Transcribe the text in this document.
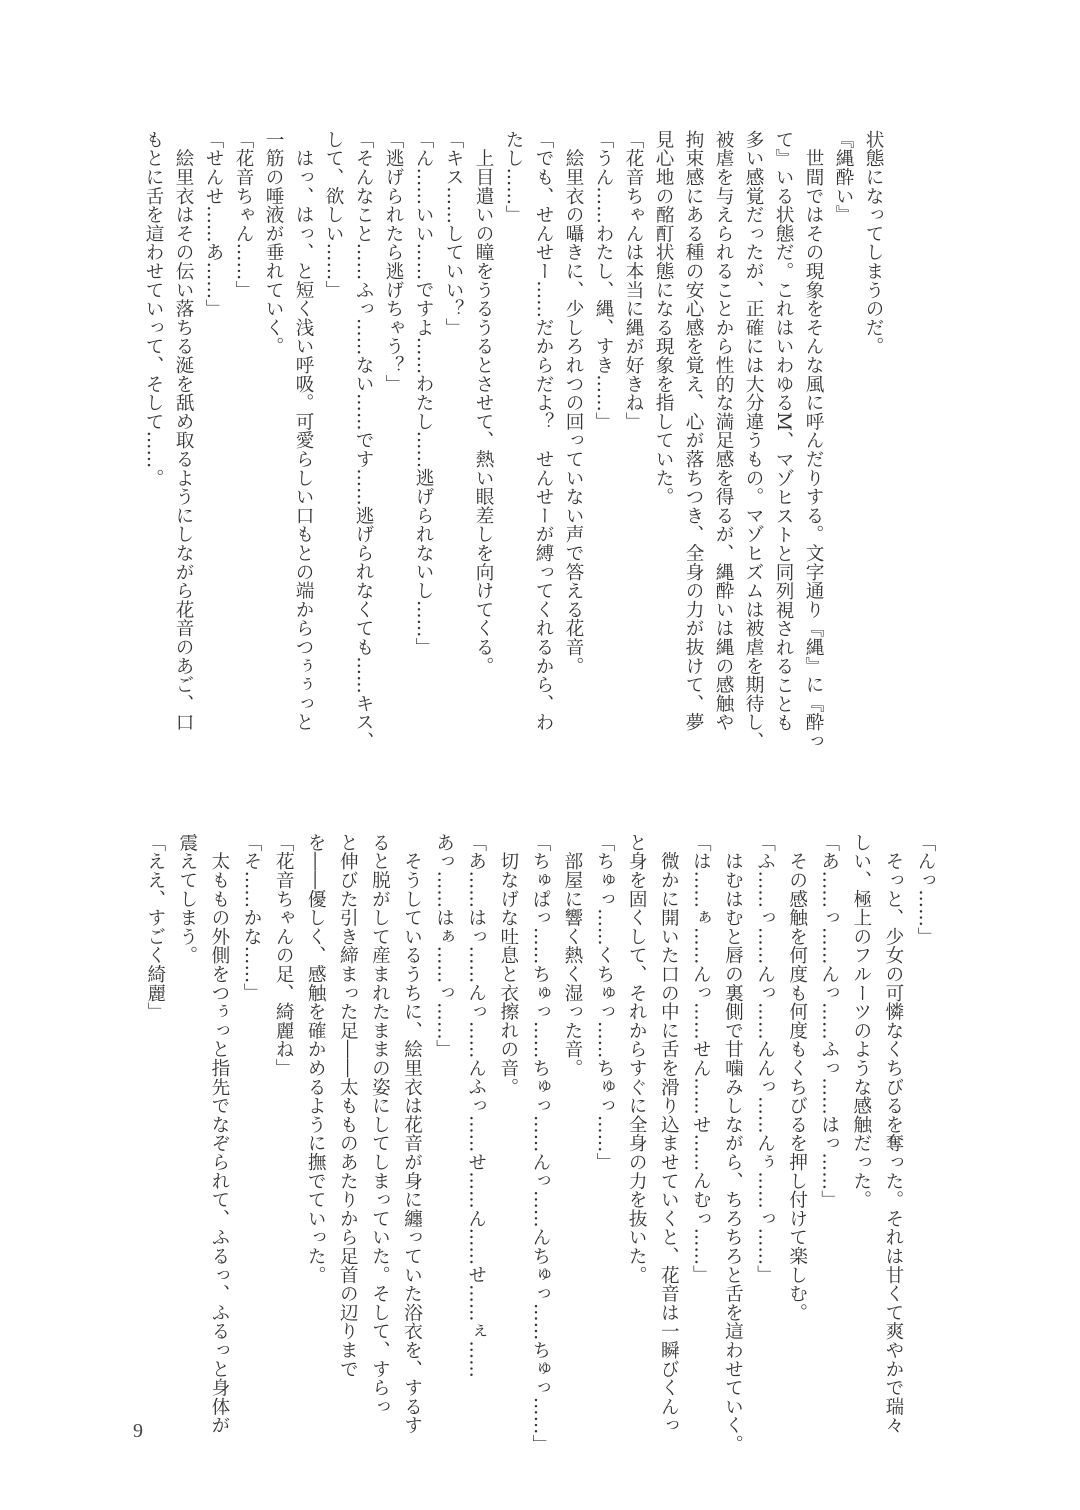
状態になってしまうのだ。
『縄酔い』
　世間ではその現象をそんな風に呼んだりする。文字通り『縄』に『酔っ
て』いる状態だ。これはいわゆるM、マゾヒストと同列視されることも
多い感覚だったが、正確には大分違うもの。マゾヒズムは被虐を期待し、
被虐を与えられることから性的な満足感を得るが、縄酔いは縄の感触や
拘束感にある種の安心感を覚え、心が落ちつき、全身の力が抜けて、夢
見心地の酩酊状態になる現象を指していた。
「花音ちゃんは本当に縄が好きね」
「うん……わたし、縄、すき……」
　絵里衣の囁きに、少しろれつの回っていない声で答える花音。
「でも、せんせー……だからだよ？　せんせーが縛ってくれるから、わ
たし……」
　上目遣いの瞳をうるうるとさせて、熱い眼差しを向けてくる。
「キス……していい？」
「ん……いい……ですよ……わたし……逃げられないし……」
「逃げられたら逃げちゃう？」
「そんなこと……ふっ……ない……です……逃げられなくても……キス、
して、欲しい……」
　はっ、はっ、と短く浅い呼吸。可愛らしい口もとの端からつぅぅっと
一筋の唾液が垂れていく。
「花音ちゃん……」
「せんせ……あ……」
　絵里衣はその伝い落ちる涎を舐め取るようにしながら花音のあご、口
もとに舌を這わせていって、そして……。
「んっ……」
　そっと、少女の可憐なくちびるを奪った。それは甘くて爽やかで瑞々
しい、極上のフルーツのような感触だった。
「あ……っ……んっ……ふっ……はっ……」
　その感触を何度も何度もくちびるを押し付けて楽しむ。
「ふ……っ……んっ……んんっ……んぅ……っ……」
　はむはむと唇の裏側で甘噛みしながら、ちろちろと舌を這わせていく。
「は……ぁ……んっ……せん……せ……んむっ……」
　微かに開いた口の中に舌を滑り込ませていくと、花音は一瞬びくんっ
と身を固くして、それからすぐに全身の力を抜いた。
「ちゅっ……くちゅっ……ちゅっ……」
　部屋に響く熱く湿った音。
「ちゅぱっ……ちゅっ……ちゅっ……んっ……んちゅっ……ちゅっ……」
　切なげな吐息と衣擦れの音。
「あ……はっ……んっ……んふっ……せ……ん……せ……ぇ……
あっ……はぁ……っ……」
　そうしているうちに、絵里衣は花音が身に纏っていた浴衣を、するす
ると脱がして産まれたままの姿にしてしまっていた。そして、すらっ
と伸びた引き締まった足――太もものあたりから足首の辺りまで
を――優しく、感触を確かめるように撫でていった。
「花音ちゃんの足、綺麗ね」
「そ……かな……」
　太ももの外側をつぅっと指先でなぞられて、ふるっ、ふるっと身体が
震えてしまう。
「ええ、すごく綺麗」
9
